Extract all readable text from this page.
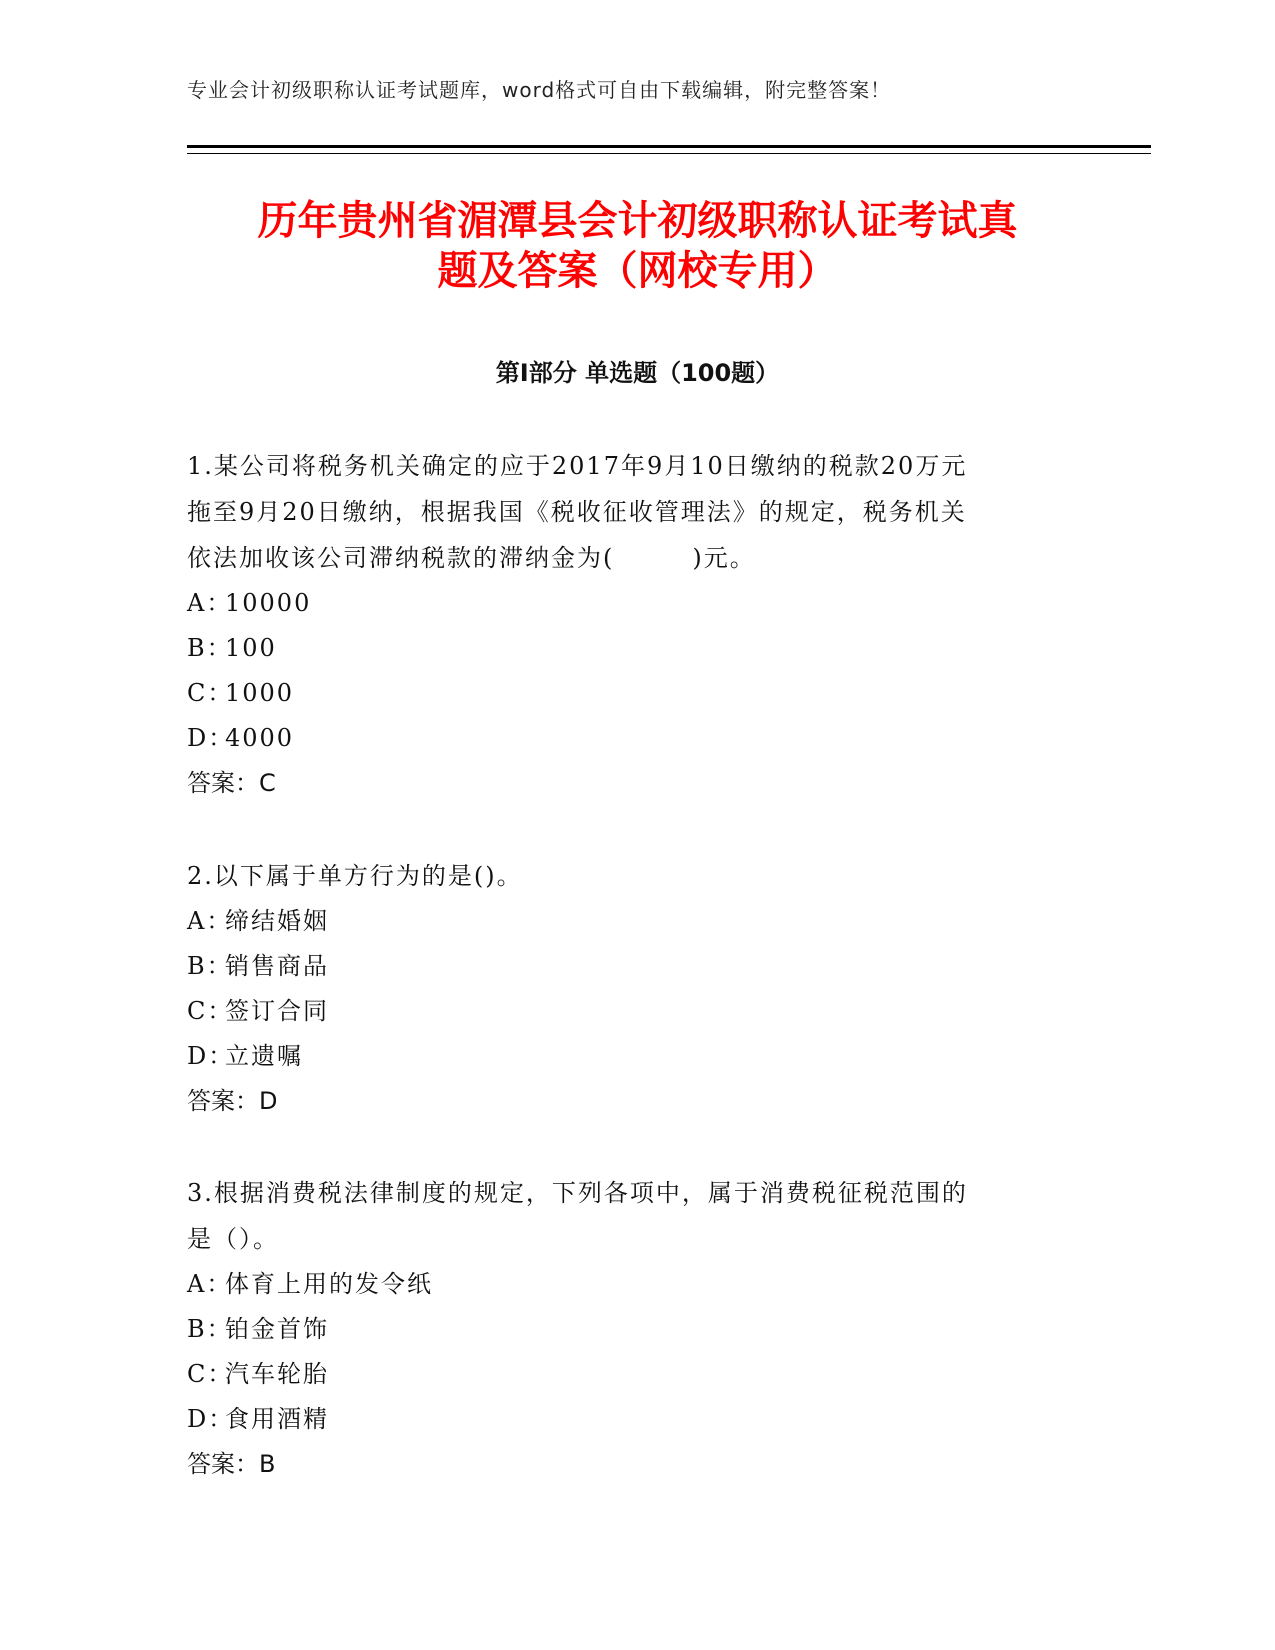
专业会计初级职称认证考试题库，word格式可自由下载编辑，附完整答案！
历年贵州省湄潭县会计初级职称认证考试真
题及答案（网校专用）
第Ⅰ部分 单选题（100题）

1.某公司将税务机关确定的应于2017年9月10日缴纳的税款20万元
拖至9月20日缴纳，根据我国《税收征收管理法》的规定，税务机关
依法加收该公司滞纳税款的滞纳金为(　　　)元。

A：10000

B：100

C：1000

D：4000

答案：C

2.以下属于单方行为的是()。

A：缔结婚姻

B：销售商品

C：签订合同

D：立遗嘱

答案：D

3.根据消费税法律制度的规定，下列各项中，属于消费税征税范围的
是（）。

A：体育上用的发令纸

B：铂金首饰

C：汽车轮胎

D：食用酒精

答案：B
